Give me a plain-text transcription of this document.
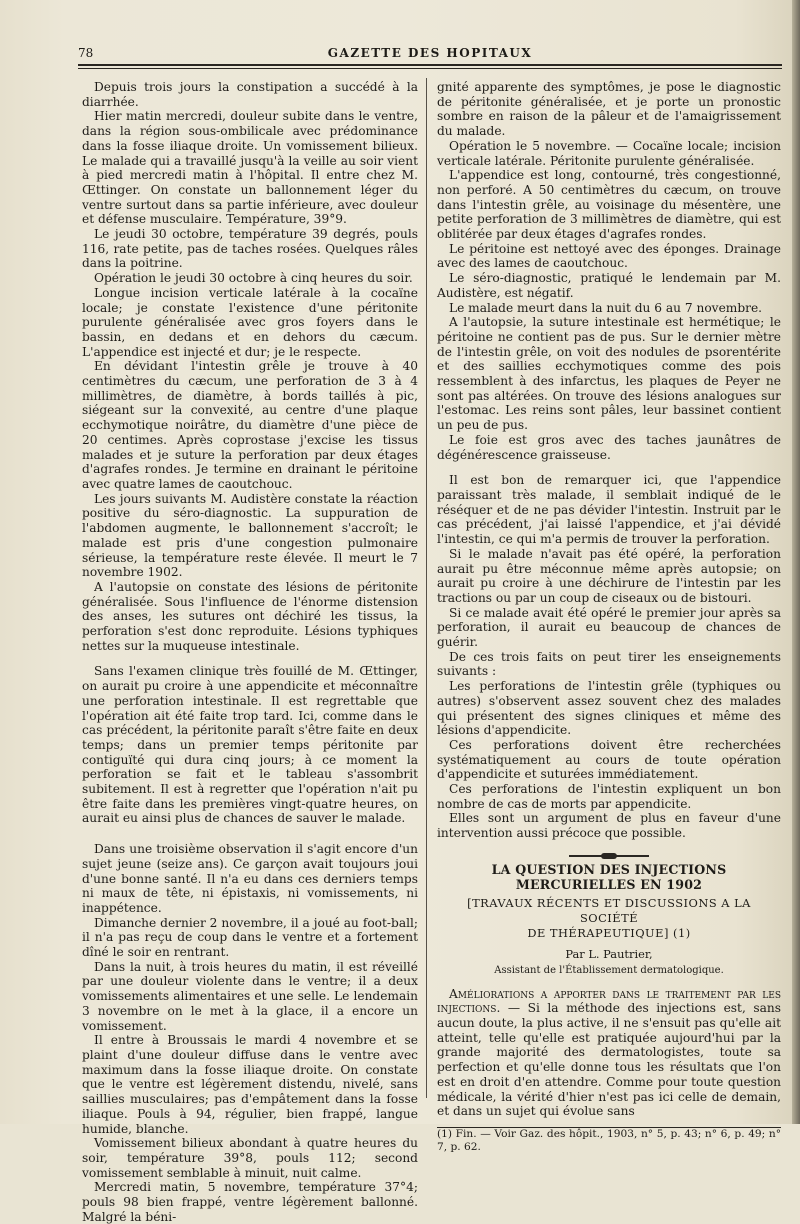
78	GAZETTE DES HOPITAUX

Depuis trois jours la constipation a succédé à la diarrhée.

Hier matin mercredi, douleur subite dans le ventre, dans la région sous-ombilicale avec prédominance dans la fosse iliaque droite. Un vomissement bilieux. Le malade qui a travaillé jusqu'à la veille au soir vient à pied mercredi matin à l'hôpital. Il entre chez M. Œttinger. On constate un ballonnement léger du ventre surtout dans sa partie inférieure, avec douleur et défense musculaire. Température, 39°9.

Le jeudi 30 octobre, température 39 degrés, pouls 116, rate petite, pas de taches rosées. Quelques râles dans la poitrine.

Opération le jeudi 30 octobre à cinq heures du soir.

Longue incision verticale latérale à la cocaïne locale; je constate l'existence d'une péritonite purulente généralisée avec gros foyers dans le bassin, en dedans et en dehors du cæcum. L'appendice est injecté et dur; je le respecte.

En dévidant l'intestin grêle je trouve à 40 centimètres du cæcum, une perforation de 3 à 4 millimètres, de diamètre, à bords taillés à pic, siégeant sur la convexité, au centre d'une plaque ecchymotique noirâtre, du diamètre d'une pièce de 20 centimes. Après coprostase j'excise les tissus malades et je suture la perforation par deux étages d'agrafes rondes. Je termine en drainant le péritoine avec quatre lames de caoutchouc.

Les jours suivants M. Audistère constate la réaction positive du séro-diagnostic. La suppuration de l'abdomen augmente, le ballonnement s'accroît; le malade est pris d'une congestion pulmonaire sérieuse, la température reste élevée. Il meurt le 7 novembre 1902.

A l'autopsie on constate des lésions de péritonite généralisée. Sous l'influence de l'énorme distension des anses, les sutures ont déchiré les tissus, la perforation s'est donc reproduite. Lésions typhiques nettes sur la muqueuse intestinale.

Sans l'examen clinique très fouillé de M. Œttinger, on aurait pu croire à une appendicite et méconnaître une perforation intestinale. Il est regrettable que l'opération ait été faite trop tard. Ici, comme dans le cas précédent, la péritonite paraît s'être faite en deux temps; dans un premier temps péritonite par contiguïté qui dura cinq jours; à ce moment la perforation se fait et le tableau s'assombrit subitement. Il est à regretter que l'opération n'ait pu être faite dans les premières vingt-quatre heures, on aurait eu ainsi plus de chances de sauver le malade.

Dans une troisième observation il s'agit encore d'un sujet jeune (seize ans). Ce garçon avait toujours joui d'une bonne santé. Il n'a eu dans ces derniers temps ni maux de tête, ni épistaxis, ni vomissements, ni inappétence.

Dimanche dernier 2 novembre, il a joué au foot-ball; il n'a pas reçu de coup dans le ventre et a fortement dîné le soir en rentrant.

Dans la nuit, à trois heures du matin, il est réveillé par une douleur violente dans le ventre; il a deux vomissements alimentaires et une selle. Le lendemain 3 novembre on le met à la glace, il a encore un vomissement.

Il entre à Broussais le mardi 4 novembre et se plaint d'une douleur diffuse dans le ventre avec maximum dans la fosse iliaque droite. On constate que le ventre est légèrement distendu, nivelé, sans saillies musculaires; pas d'empâtement dans la fosse iliaque. Pouls à 94, régulier, bien frappé, langue humide, blanche.

Vomissement bilieux abondant à quatre heures du soir, température 39°8, pouls 112; second vomissement semblable à minuit, nuit calme.

Mercredi matin, 5 novembre, température 37°4; pouls 98 bien frappé, ventre légèrement ballonné. Malgré la béni-

gnité apparente des symptômes, je pose le diagnostic de péritonite généralisée, et je porte un pronostic sombre en raison de la pâleur et de l'amaigrissement du malade.

Opération le 5 novembre. — Cocaïne locale; incision verticale latérale. Péritonite purulente généralisée.

L'appendice est long, contourné, très congestionné, non perforé. A 50 centimètres du cæcum, on trouve dans l'intestin grêle, au voisinage du mésentère, une petite perforation de 3 millimètres de diamètre, qui est oblitérée par deux étages d'agrafes rondes.

Le péritoine est nettoyé avec des éponges. Drainage avec des lames de caoutchouc.

Le séro-diagnostic, pratiqué le lendemain par M. Audistère, est négatif.

Le malade meurt dans la nuit du 6 au 7 novembre.

A l'autopsie, la suture intestinale est hermétique; le péritoine ne contient pas de pus. Sur le dernier mètre de l'intestin grêle, on voit des nodules de psorentérite et des saillies ecchymotiques comme des pois ressemblent à des infarctus, les plaques de Peyer ne sont pas altérées. On trouve des lésions analogues sur l'estomac. Les reins sont pâles, leur bassinet contient un peu de pus.

Le foie est gros avec des taches jaunâtres de dégénérescence graisseuse.

Il est bon de remarquer ici, que l'appendice paraissant très malade, il semblait indiqué de le réséquer et de ne pas dévider l'intestin. Instruit par le cas précédent, j'ai laissé l'appendice, et j'ai dévidé l'intestin, ce qui m'a permis de trouver la perforation.

Si le malade n'avait pas été opéré, la perforation aurait pu être méconnue même après autopsie; on aurait pu croire à une déchirure de l'intestin par les tractions ou par un coup de ciseaux ou de bistouri.

Si ce malade avait été opéré le premier jour après sa perforation, il aurait eu beaucoup de chances de guérir.

De ces trois faits on peut tirer les enseignements suivants :

Les perforations de l'intestin grêle (typhiques ou autres) s'observent assez souvent chez des malades qui présentent des signes cliniques et même des lésions d'appendicite.

Ces perforations doivent être recherchées systématiquement au cours de toute opération d'appendicite et suturées immédiatement.

Ces perforations de l'intestin expliquent un bon nombre de cas de morts par appendicite.

Elles sont un argument de plus en faveur d'une intervention aussi précoce que possible.

LA QUESTION DES INJECTIONS MERCURIELLES EN 1902
[TRAVAUX RÉCENTS ET DISCUSSIONS A LA SOCIÉTÉ
DE THÉRAPEUTIQUE] (1)
Par L. Pautrier,
Assistant de l'Établissement dermatologique.

Améliorations a apporter dans le traitement par les injections. — Si la méthode des injections est, sans aucun doute, la plus active, il ne s'ensuit pas qu'elle ait atteint, telle qu'elle est pratiquée aujourd'hui par la grande majorité des dermatologistes, toute sa perfection et qu'elle donne tous les résultats que l'on est en droit d'en attendre. Comme pour toute question médicale, la vérité d'hier n'est pas ici celle de demain, et dans un sujet qui évolue sans

(1) Fin. — Voir Gaz. des hôpit., 1903, n° 5, p. 43; n° 6, p. 49; n° 7, p. 62.
